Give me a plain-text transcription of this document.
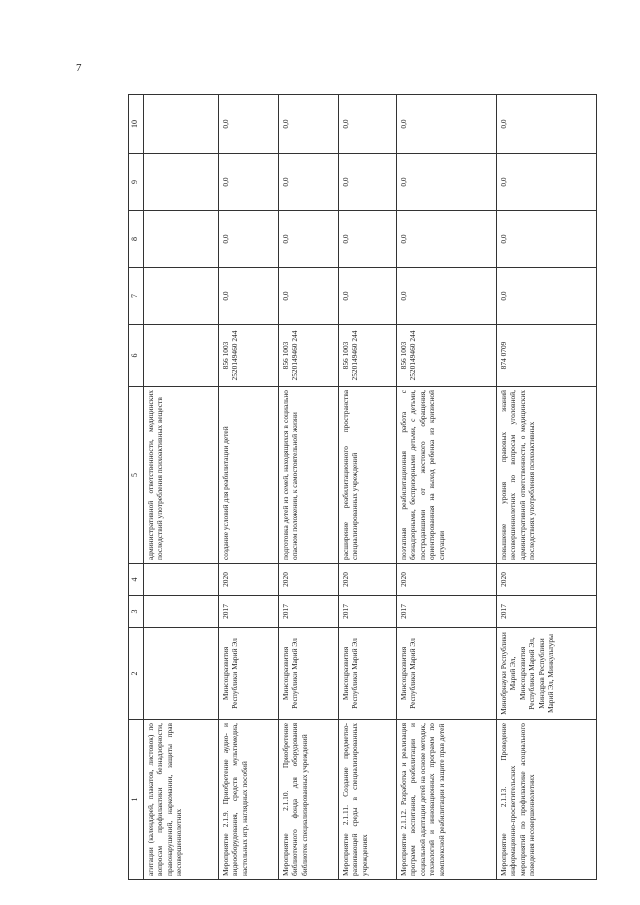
7
1	2	3	4	5	6	7	8	9	10
агитации (календарей, плакатов, листовок) по вопросам профилактики безнадзорности, правонарушений, наркомании, защиты прав несовершеннолетних				административной ответственности, медицинских последствий употребления психоактивных веществ					
Мероприятие 2.1.9. Приобретение аудио- и видеооборудования, средств мультимедиа, настольных игр, наглядных пособий	Минсоцразвития Республики Марий Эл	2017	2020	создание условий для реабилитации детей	856 1003 2520149460 244	0,0	0,0	0,0	0,0
Мероприятие 2.1.10. Приобретение библиотечного фонда для оборудования библиотек специализированных учреждений	Минсоцразвития Республики Марий Эл	2017	2020	подготовка детей из семей, находящихся в социально опасном положении, к самостоятельной жизни	856 1003 2520149460 244	0,0	0,0	0,0	0,0
Мероприятие 2.1.11. Создание предметно-развивающей среды в специализированных учреждениях	Минсоцразвития Республики Марий Эл	2017	2020	расширение реабилитационного пространства специализированных учреждений	856 1003 2520149460 244	0,0	0,0	0,0	0,0
Мероприятие 2.1.12. Разработка и реализация программ воспитания, реабилитации и социальной адаптации детей на основе методик, технологий и инновационных программ по комплексной реабилитации и защите прав детей	Минсоцразвития Республики Марий Эл	2017	2020	поэтапная реабилитационная работа с безнадзорными, беспризорными детьми, с детьми, пострадавшими от жестокого обращения, ориентированная на выход ребенка из кризисной ситуации	856 1003 2520149460 244	0,0	0,0	0,0	0,0
Мероприятие 2.1.13. Проведение информационно-просветительских мероприятий по профилактике асоциального поведения несовершеннолетних	Минобрнауки Республики Марий Эл, Минсоцразвития Республики Марий Эл, Минздрав Республики Марий Эл, Минкультуры	2017	2020	повышение уровня правовых знаний несовершеннолетних по вопросам уголовной, административной ответственности, о медицинских последствиях употребления психоактивных	874 0709	0,0	0,0	0,0	0,0
